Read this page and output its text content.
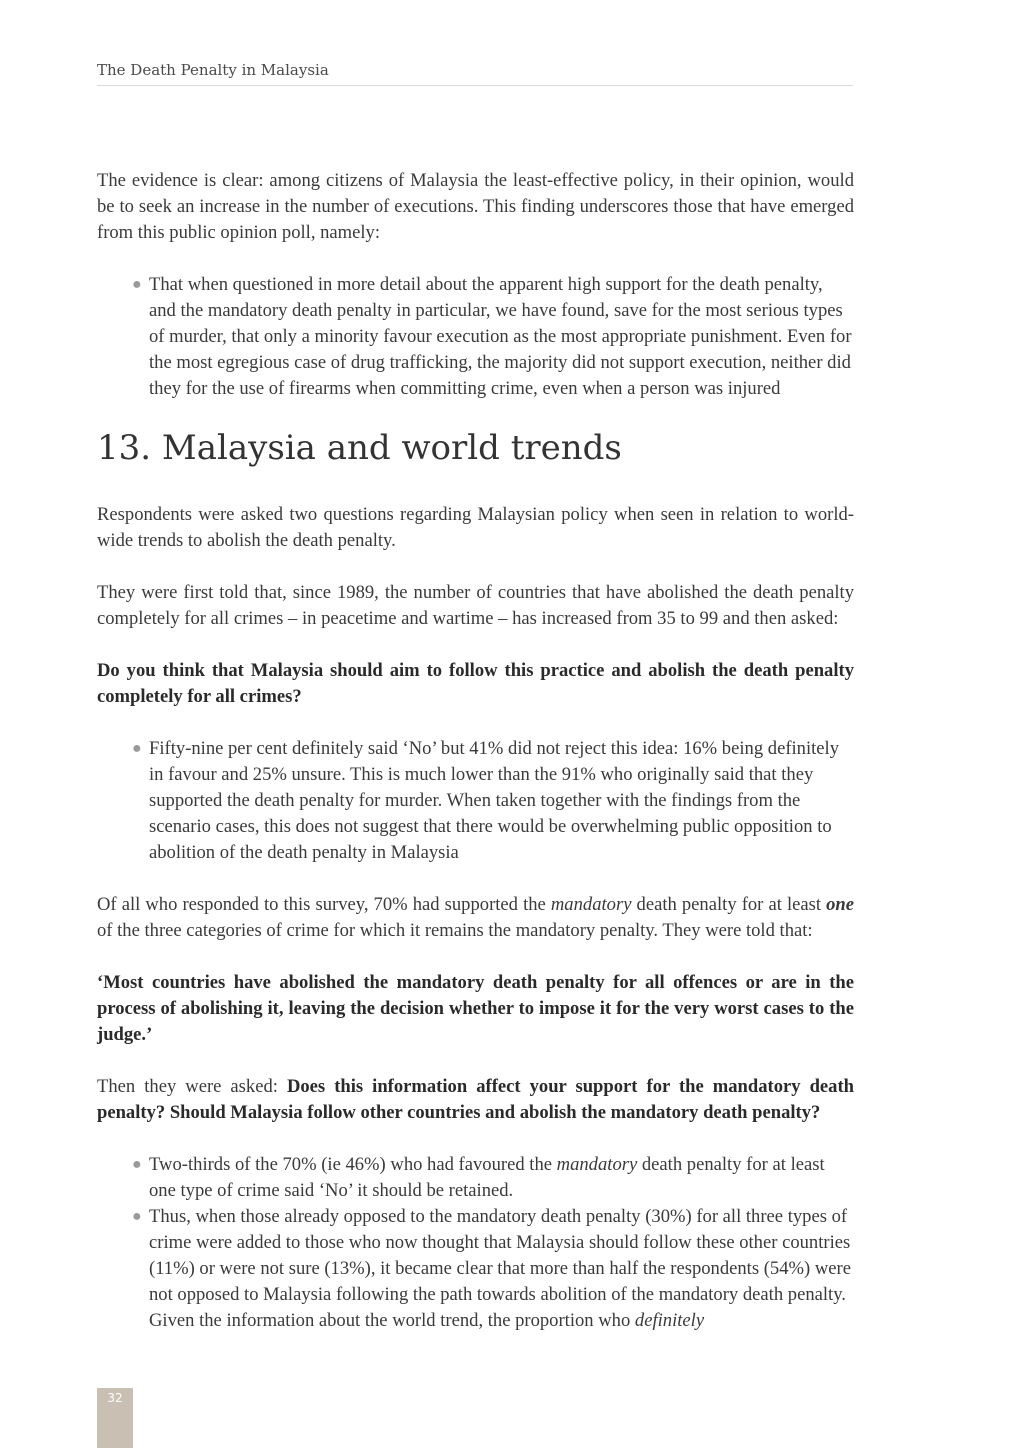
The Death Penalty in Malaysia

The evidence is clear: among citizens of Malaysia the least-effective policy, in their opinion, would be to seek an increase in the number of executions. This finding underscores those that have emerged from this public opinion poll, namely:

● That when questioned in more detail about the apparent high support for the death penalty, and the mandatory death penalty in particular, we have found, save for the most serious types of murder, that only a minority favour execution as the most appropriate punishment. Even for the most egregious case of drug trafficking, the majority did not support execution, neither did they for the use of firearms when committing crime, even when a person was injured
13. Malaysia and world trends

Respondents were asked two questions regarding Malaysian policy when seen in relation to world-wide trends to abolish the death penalty.

They were first told that, since 1989, the number of countries that have abolished the death penalty completely for all crimes – in peacetime and wartime – has increased from 35 to 99 and then asked:

Do you think that Malaysia should aim to follow this practice and abolish the death penalty completely for all crimes?

● Fifty-nine per cent definitely said ‘No’ but 41% did not reject this idea: 16% being definitely in favour and 25% unsure. This is much lower than the 91% who originally said that they supported the death penalty for murder. When taken together with the findings from the scenario cases, this does not suggest that there would be overwhelming public opposition to abolition of the death penalty in Malaysia

Of all who responded to this survey, 70% had supported the mandatory death penalty for at least one of the three categories of crime for which it remains the mandatory penalty. They were told that:

‘Most countries have abolished the mandatory death penalty for all offences or are in the process of abolishing it, leaving the decision whether to impose it for the very worst cases to the judge.’

Then they were asked: Does this information affect your support for the mandatory death penalty? Should Malaysia follow other countries and abolish the mandatory death penalty?

● Two-thirds of the 70% (ie 46%) who had favoured the mandatory death penalty for at least one type of crime said ‘No’ it should be retained.
● Thus, when those already opposed to the mandatory death penalty (30%) for all three types of crime were added to those who now thought that Malaysia should follow these other countries (11%) or were not sure (13%), it became clear that more than half the respondents (54%) were not opposed to Malaysia following the path towards abolition of the mandatory death penalty. Given the information about the world trend, the proportion who definitely
32
